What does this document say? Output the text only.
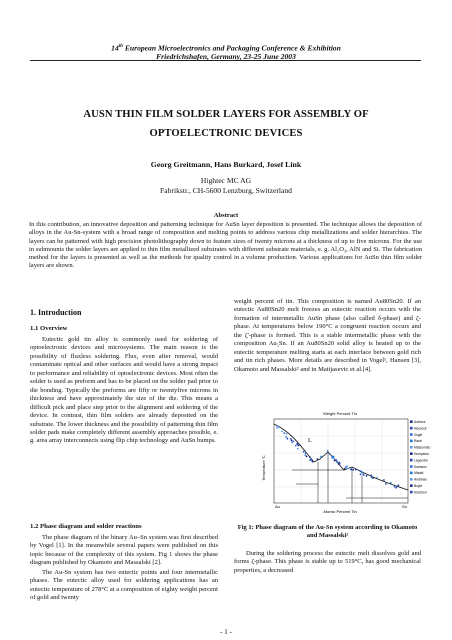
14th European Microelectronics and Packaging Conference & Exhibition
Friedrichshafen, Germany, 23-25 June 2003
AUSN THIN FILM SOLDER LAYERS FOR ASSEMBLY OF
OPTOELECTRONIC DEVICES
Georg Greitmann, Hans Burkard, Josef Link
Hightec MC AG
Fabrikstr., CH-5600 Lenzburg, Switzerland
Abstract
In this contribution, an innovative deposition and patterning technique for AuSn layer deposition is presented. The technique allows the deposition of alloys in the Au-Sn-system with a broad range of composition and melting points to address various chip metallizations and solder hierarchies. The layers can be patterned with high precision photolithography down to feature sizes of twenty microns at a thickness of up to five microns. For the use in submounts the solder layers are applied to thin film metallized substrates with different substrate materials, e. g. Al₂O₃, AlN and Si. The fabrication method for the layers is presented as well as the methods for quality control in a volume production. Various applications for AuSn thin film solder layers are shown.
1. Introduction
1.1 Overview

Eutectic gold tin alloy is commonly used for soldering of optoelectronic devices and microsystems. The main reason is the possibility of fluxless soldering. Flux, even after removal, would contaminate optical and other surfaces and would have a strong impact to performance and reliability of optoelectronic devices. Most often the solder is used as preform and has to be placed on the solder pad prior to die bonding. Typically the preforms are fifty or twentyfive microns in thickness and have approximately the size of the die. This means a difficult pick and place step prior to the alignment and soldering of the device. In contrast, thin film solders are already deposited on the substrate. The lower thickness and the possibility of patterning thin film solder pads make completely different assembly approaches possible, e. g. area array interconnects using flip chip technology and AuSn bumps.

1.2 Phase diagram and solder reactions

The phase diagram of the binary Au–Sn system was first described by Vogel [1]. In the meanwhile several papers were published on this topic because of the complexity of this system. Fig 1 shows the phase diagram published by Okamoto and Massalski [2].

The Au-Sn system has two eutectic points and four intermetallic phases. The eutectic alloy used for soldering applications has an eutectic temperature of 278°C at a composition of eighty weight percent of gold and twenty

weight percent of tin. This composition is named Au80Sn20. If an eutectic Au80Sn20 melt freezes an eutectic reaction occurs with the formation of intermetallic AuSn phase (also called δ-phase) and ζ-phase. At temperatures below 190°C a congruent reaction occurs and the ζ'-phase is formed. This is a stable intermetallic phase with the composition Au₅Sn. If an Au80Sn20 solid alloy is heated up to the eutectic temperature melting starts at each interface between gold rich and tin rich phases. More details are described in Vogel¹, Hansen [3], Okamoto and Massalski² and in Matijasevic et al.[4].

Weight Percent Tin
Atomic Percent Tin
Temperature °C
Au	Sn
L
Authors
Heycock
Vogel
Raub
Matsumoto
Humpston
Legendre
Karlsson
Misaki
Andrews
Boyle
Kirschen
Fig 1: Phase diagram of the Au-Sn system according to Okamoto and Massalski²

During the soldering process the eutectic melt dissolves gold and forms ζ-phase. This phase is stable up to 519°C, has good mechanical properties, a decreased

- 1 -
